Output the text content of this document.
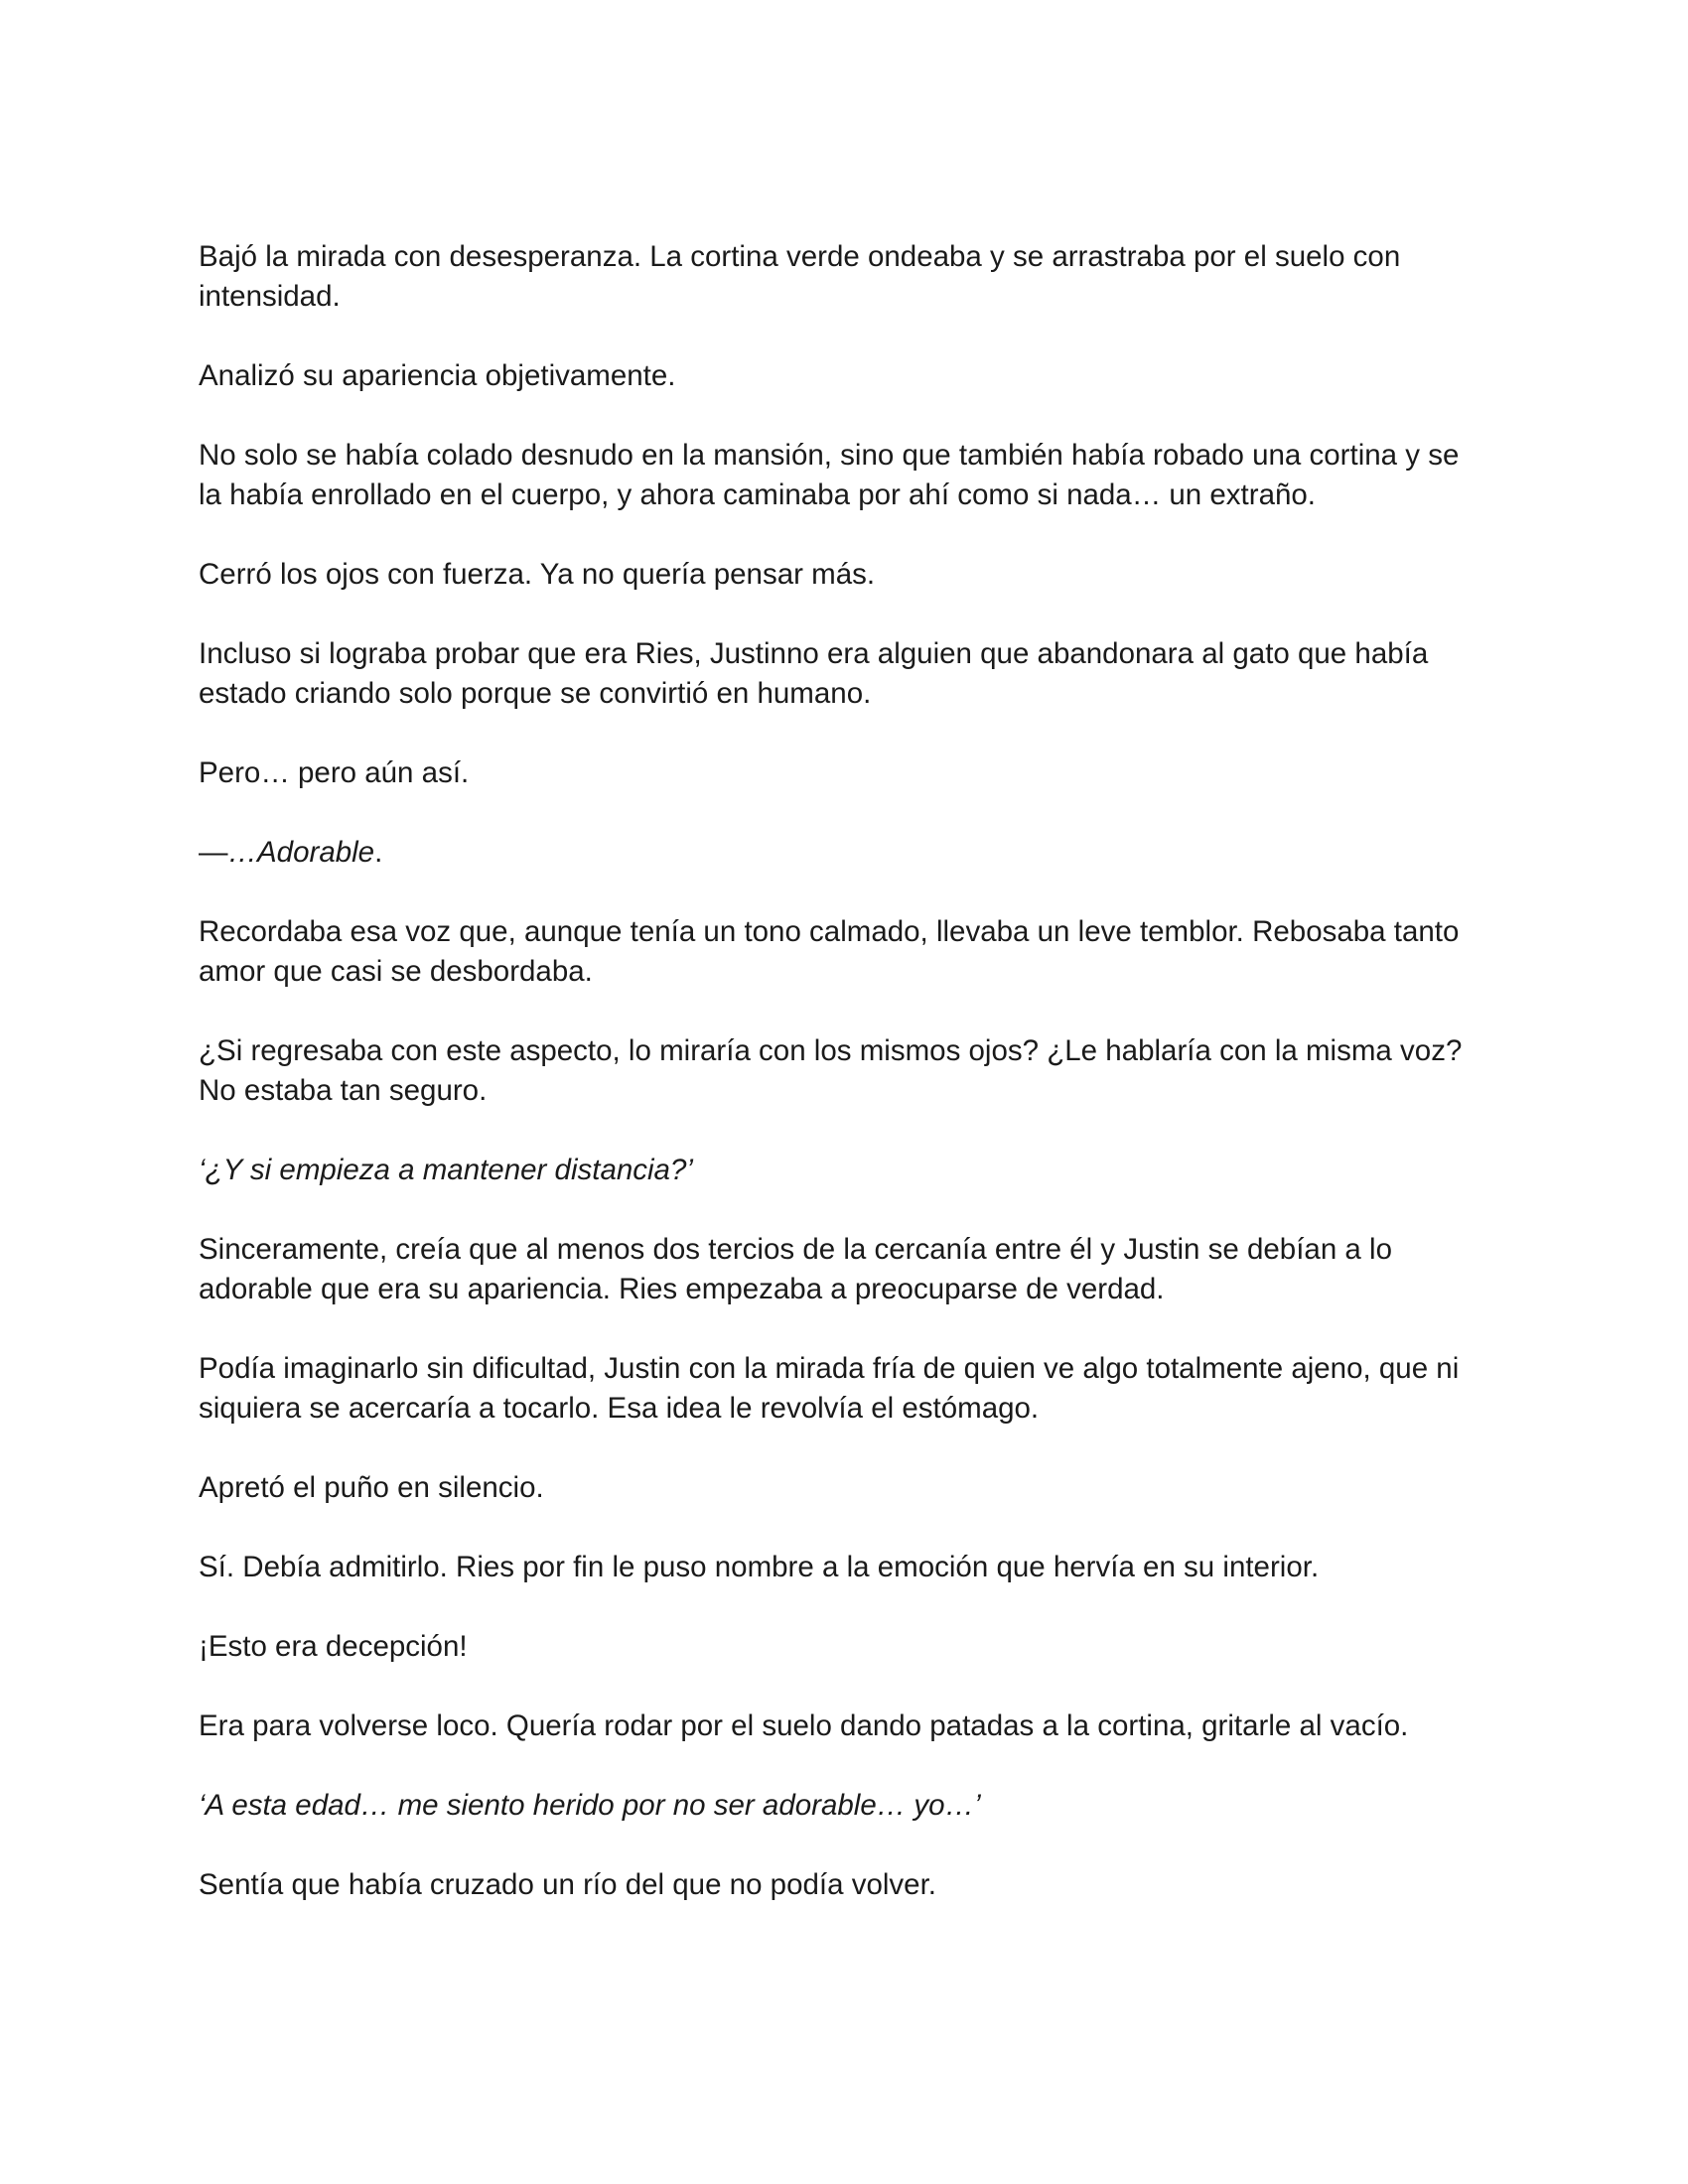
Bajó la mirada con desesperanza. La cortina verde ondeaba y se arrastraba por el suelo con intensidad.

Analizó su apariencia objetivamente.

No solo se había colado desnudo en la mansión, sino que también había robado una cortina y se la había enrollado en el cuerpo, y ahora caminaba por ahí como si nada… un extraño.

Cerró los ojos con fuerza. Ya no quería pensar más.

Incluso si lograba probar que era Ries, Justinno era alguien que abandonara al gato que había estado criando solo porque se convirtió en humano.

Pero… pero aún así.

—…Adorable.

Recordaba esa voz que, aunque tenía un tono calmado, llevaba un leve temblor. Rebosaba tanto amor que casi se desbordaba.

¿Si regresaba con este aspecto, lo miraría con los mismos ojos? ¿Le hablaría con la misma voz? No estaba tan seguro.

‘¿Y si empieza a mantener distancia?’

Sinceramente, creía que al menos dos tercios de la cercanía entre él y Justin se debían a lo adorable que era su apariencia. Ries empezaba a preocuparse de verdad.

Podía imaginarlo sin dificultad, Justin con la mirada fría de quien ve algo totalmente ajeno, que ni siquiera se acercaría a tocarlo. Esa idea le revolvía el estómago.

Apretó el puño en silencio.

Sí. Debía admitirlo. Ries por fin le puso nombre a la emoción que hervía en su interior.

¡Esto era decepción!

Era para volverse loco. Quería rodar por el suelo dando patadas a la cortina, gritarle al vacío.

‘A esta edad… me siento herido por no ser adorable… yo…’

Sentía que había cruzado un río del que no podía volver.
